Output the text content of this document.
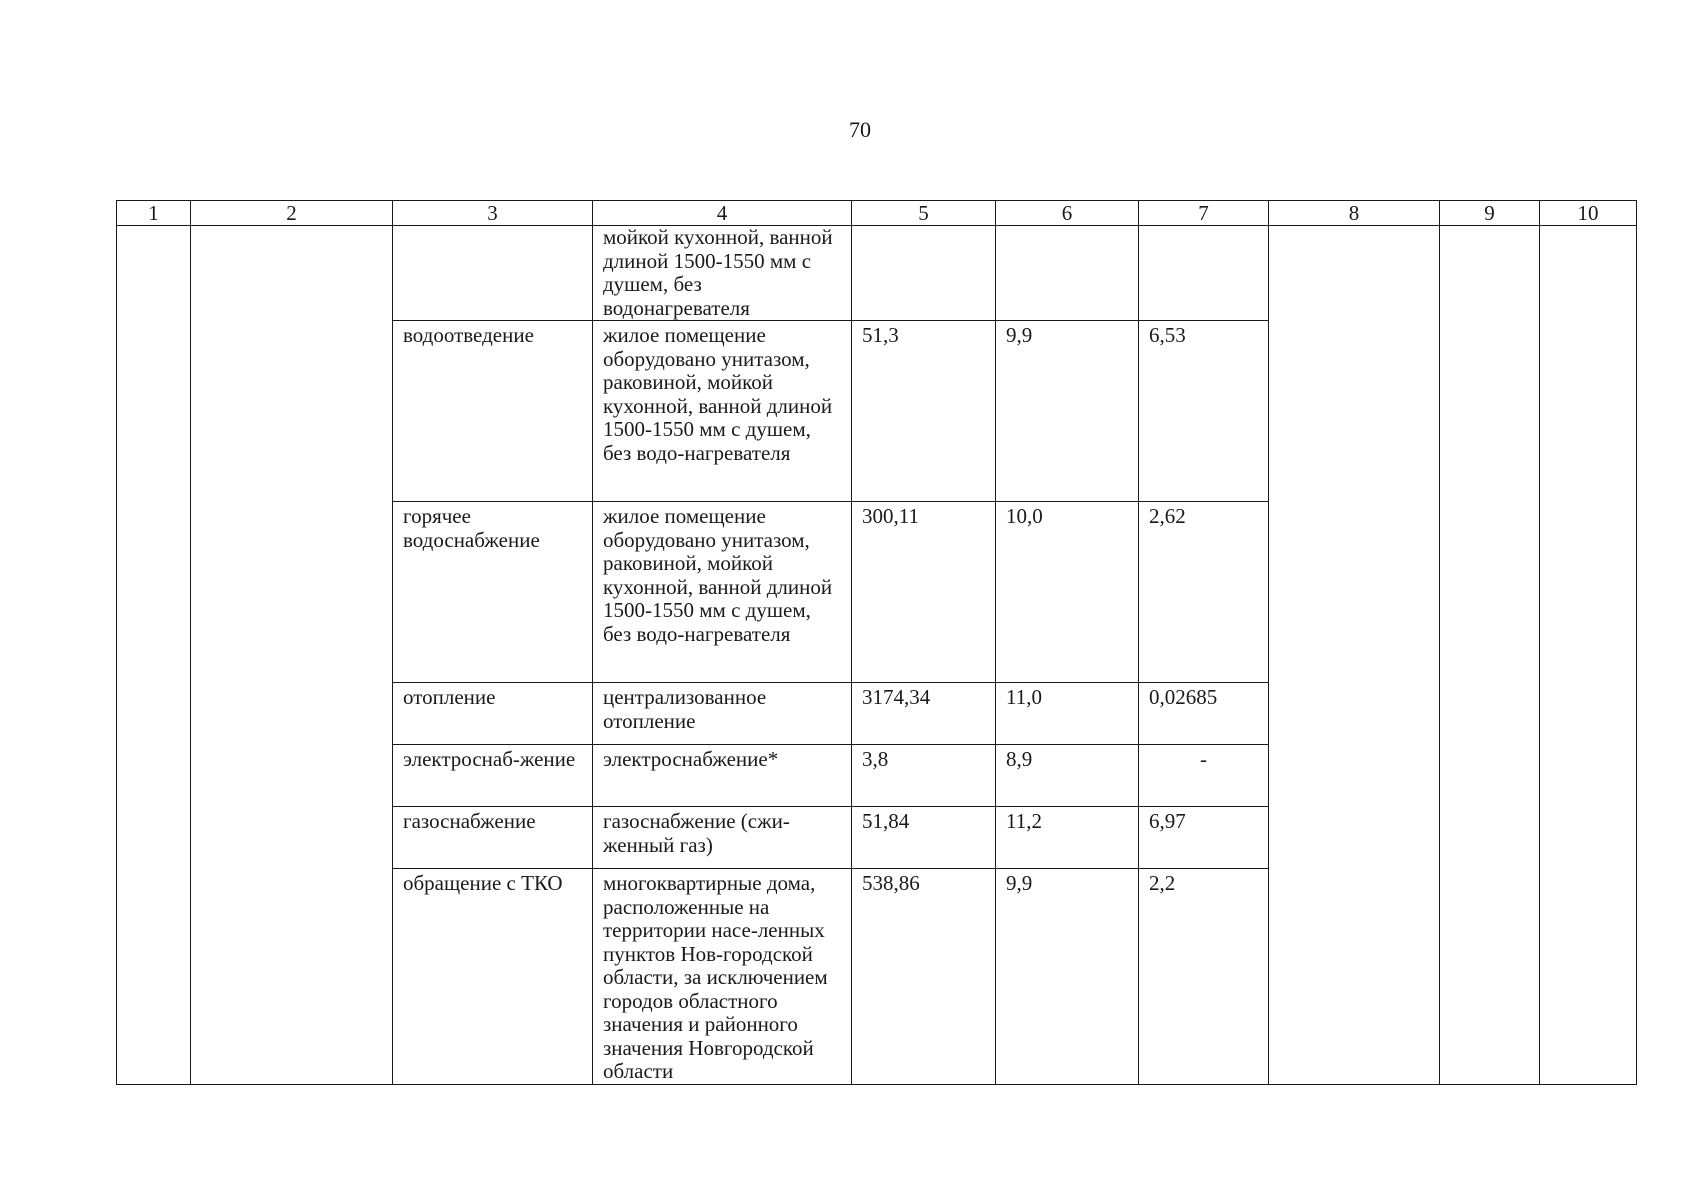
70
1	2	3	4	5	6	7	8	9	10
			мойкой кухонной, ванной длиной 1500-1550 мм с душем, без водонагревателя						
		водоотведение	жилое помещение оборудовано унитазом, раковиной, мойкой кухонной, ванной длиной 1500-1550 мм с душем, без водо-нагревателя	51,3	9,9	6,53			
		горячее водоснабжение	жилое помещение оборудовано унитазом, раковиной, мойкой кухонной, ванной длиной 1500-1550 мм с душем, без водо-нагревателя	300,11	10,0	2,62			
		отопление	централизованное отопление	3174,34	11,0	0,02685			
		электроснаб-жение	электроснабжение*	3,8	8,9	-			
		газоснабжение	газоснабжение (сжи-женный газ)	51,84	11,2	6,97			
		обращение с ТКО	многоквартирные дома, расположенные на территории насе-ленных пунктов Нов-городской области, за исключением городов областного значения и районного значения Новгородской области	538,86	9,9	2,2			
